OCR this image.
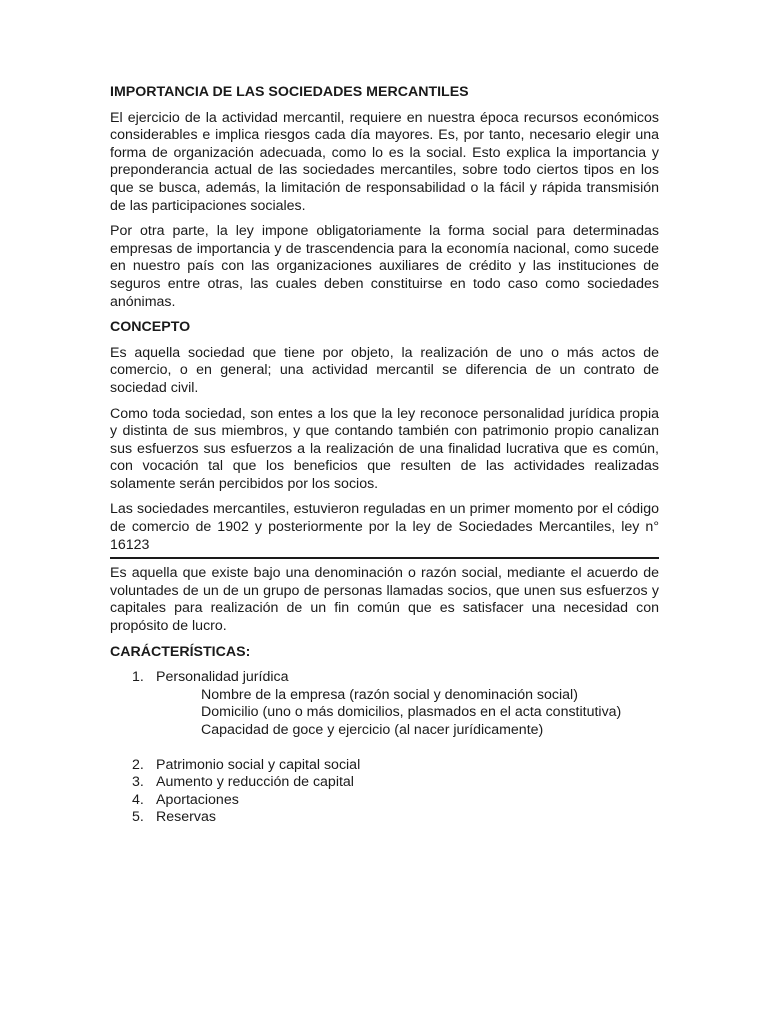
IMPORTANCIA DE LAS SOCIEDADES MERCANTILES

El ejercicio de la actividad mercantil, requiere en nuestra época recursos económicos considerables e implica riesgos cada día mayores. Es, por tanto, necesario elegir una forma de organización adecuada, como lo es la social. Esto explica la importancia y preponderancia actual de las sociedades mercantiles, sobre todo ciertos tipos en los que se busca, además, la limitación de responsabilidad o la fácil y rápida transmisión de las participaciones sociales.

Por otra parte, la ley impone obligatoriamente la forma social para determinadas empresas de importancia y de trascendencia para la economía nacional, como sucede en nuestro país con las organizaciones auxiliares de crédito y las instituciones de seguros entre otras, las cuales deben constituirse en todo caso como sociedades anónimas.

CONCEPTO

Es aquella sociedad que tiene por objeto, la realización de uno o más actos de comercio, o en general; una actividad mercantil se diferencia de un contrato de sociedad civil.

Como toda sociedad, son entes a los que la ley reconoce personalidad jurídica propia y distinta de sus miembros, y que contando también con patrimonio propio canalizan sus esfuerzos sus esfuerzos a la realización de una finalidad lucrativa que es común, con vocación tal que los beneficios que resulten de las actividades realizadas solamente serán percibidos por los socios.

Las sociedades mercantiles, estuvieron reguladas en un primer momento por el código de comercio de 1902 y posteriormente por la ley de Sociedades Mercantiles, ley n° 16123

Es aquella que existe bajo una denominación o razón social, mediante el acuerdo de voluntades de un de un grupo de personas llamadas socios, que unen sus esfuerzos y capitales para realización de un fin común que es satisfacer una necesidad con propósito de lucro.

CARÁCTERÍSTICAS:
1. Personalidad jurídica
Nombre de la empresa (razón social y denominación social)
Domicilio (uno o más domicilios, plasmados en el acta constitutiva)
Capacidad de goce y ejercicio (al nacer jurídicamente)
2. Patrimonio social y capital social
3. Aumento y reducción de capital
4. Aportaciones
5. Reservas
